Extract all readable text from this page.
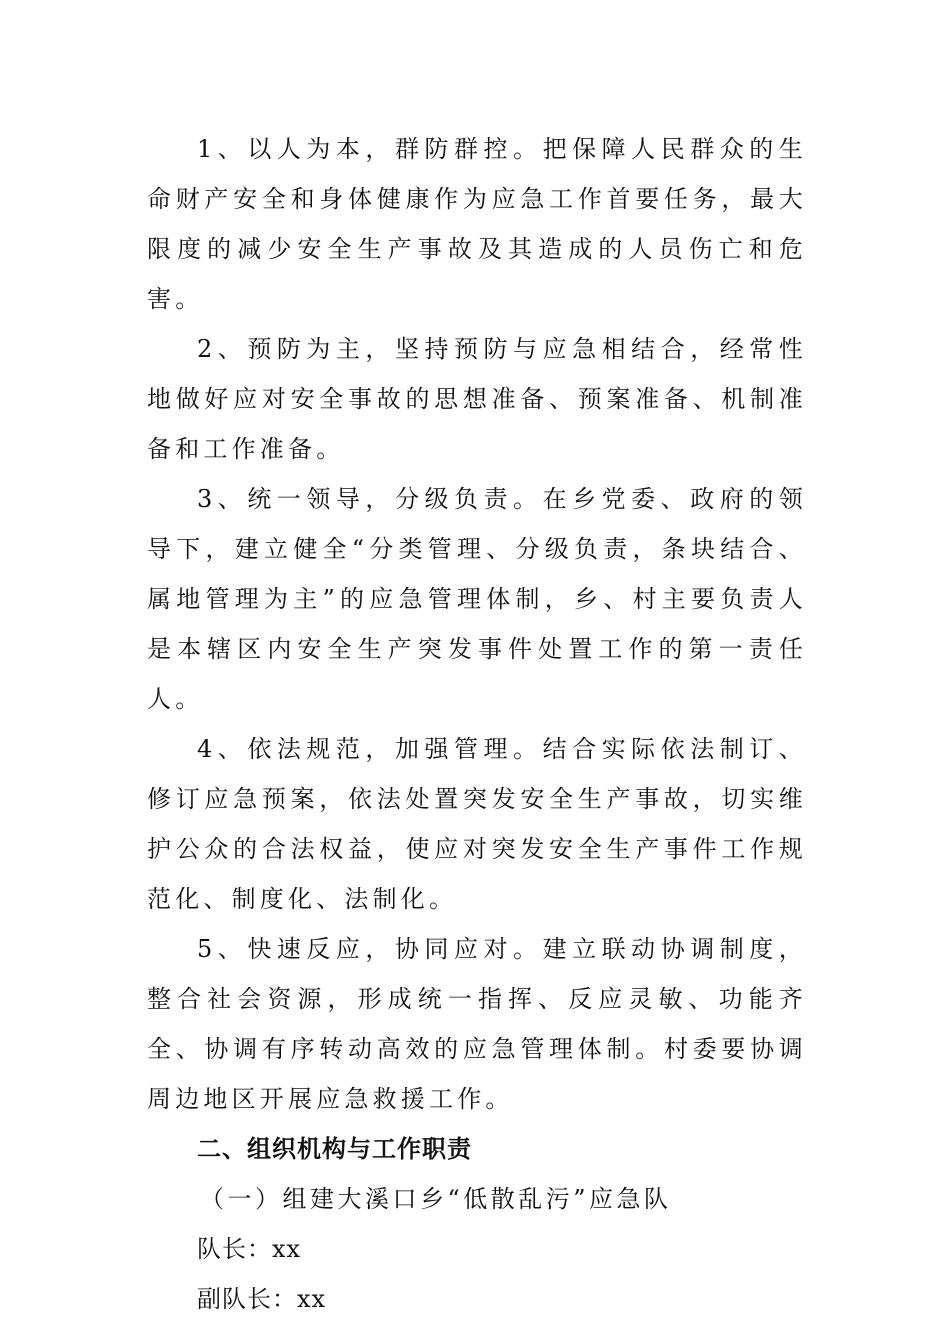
1、以人为本，群防群控。把保障人民群众的生命财产安全和身体健康作为应急工作首要任务，最大限度的减少安全生产事故及其造成的人员伤亡和危害。

2、预防为主，坚持预防与应急相结合，经常性地做好应对安全事故的思想准备、预案准备、机制准备和工作准备。

3、统一领导，分级负责。在乡党委、政府的领导下，建立健全“分类管理、分级负责，条块结合、属地管理为主”的应急管理体制，乡、村主要负责人是本辖区内安全生产突发事件处置工作的第一责任人。

4、依法规范，加强管理。结合实际依法制订、修订应急预案，依法处置突发安全生产事故，切实维护公众的合法权益，使应对突发安全生产事件工作规范化、制度化、法制化。

5、快速反应，协同应对。建立联动协调制度，整合社会资源，形成统一指挥、反应灵敏、功能齐全、协调有序转动高效的应急管理体制。村委要协调周边地区开展应急救援工作。

二、组织机构与工作职责

（一）组建大溪口乡“低散乱污”应急队

队长：xx

副队长：xx
